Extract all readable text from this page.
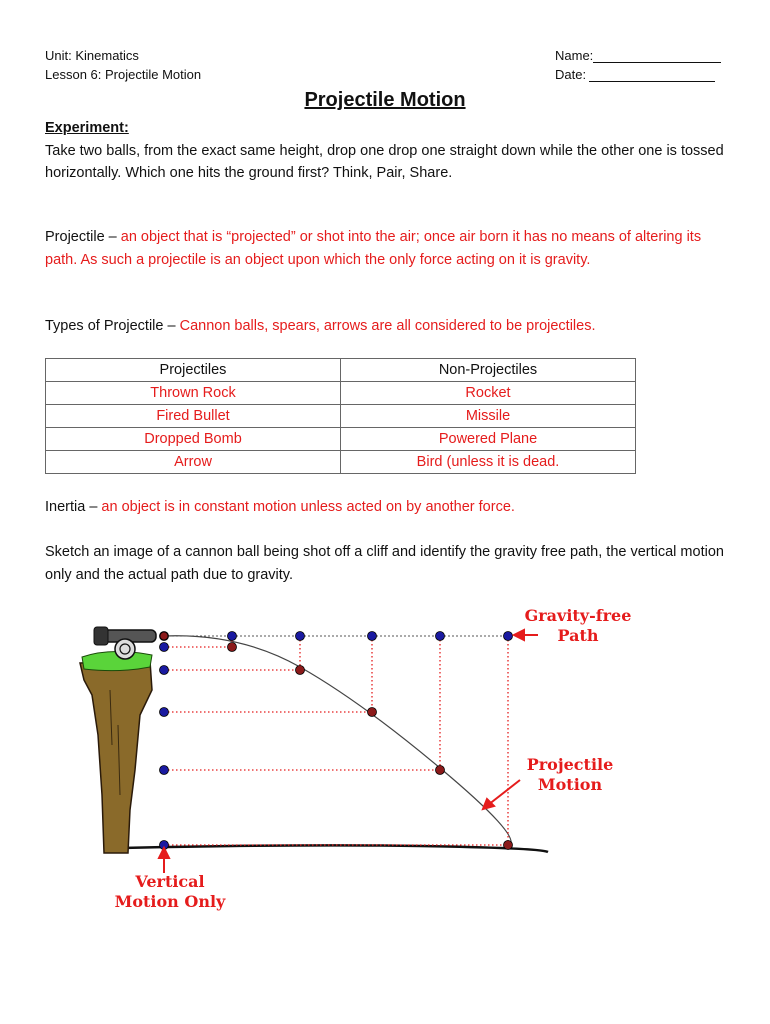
Unit: Kinematics
Lesson 6: Projectile Motion
Name:
Date:
Projectile Motion
Experiment:
Take two balls, from the exact same height, drop one drop one straight down while the other one is tossed horizontally. Which one hits the ground first? Think, Pair, Share.
Projectile – an object that is “projected” or shot into the air; once air born it has no means of altering its path. As such a projectile is an object upon which the only force acting on it is gravity.
Types of Projectile – Cannon balls, spears, arrows are all considered to be projectiles.
Projectiles	Non-Projectiles
Thrown Rock	Rocket
Fired Bullet	Missile
Dropped Bomb	Powered Plane
Arrow	Bird (unless it is dead.
Inertia – an object is in constant motion unless acted on by another force.
Sketch an image of a cannon ball being shot off a cliff and identify the gravity free path, the vertical motion only and the actual path due to gravity.
Gravity-free
Path
Projectile
Motion
Vertical
Motion Only
